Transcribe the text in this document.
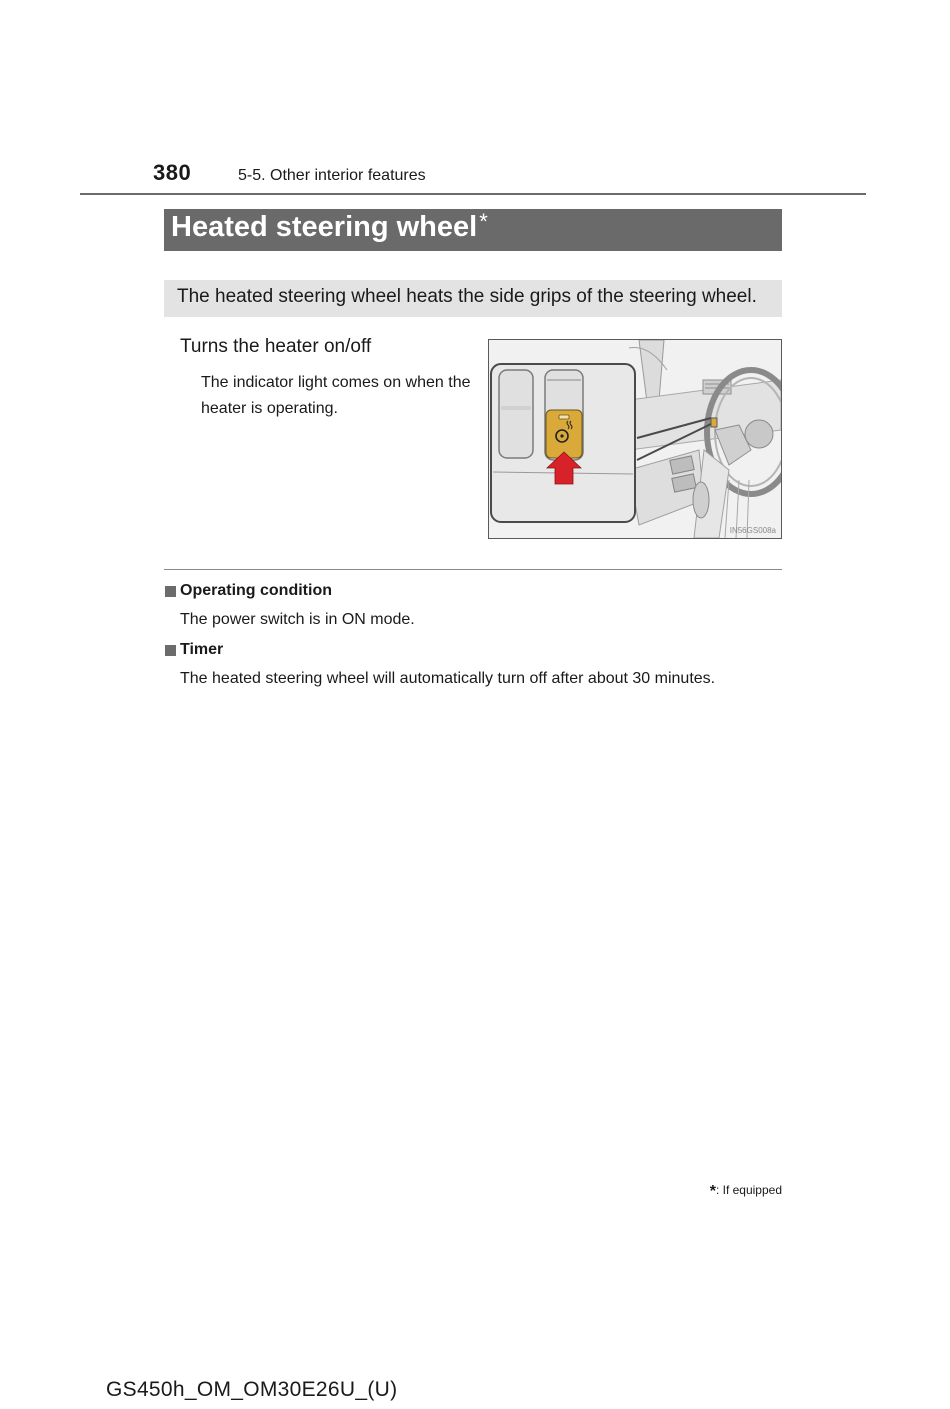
380	5-5. Other interior features
Heated steering wheel*
The heated steering wheel heats the side grips of the steering wheel.
Turns the heater on/off
The indicator light comes on when the heater is operating.
IN56GS008a
Operating condition
The power switch is in ON mode.
Timer
The heated steering wheel will automatically turn off after about 30 minutes.
*: If equipped
GS450h_OM_OM30E26U_(U)
